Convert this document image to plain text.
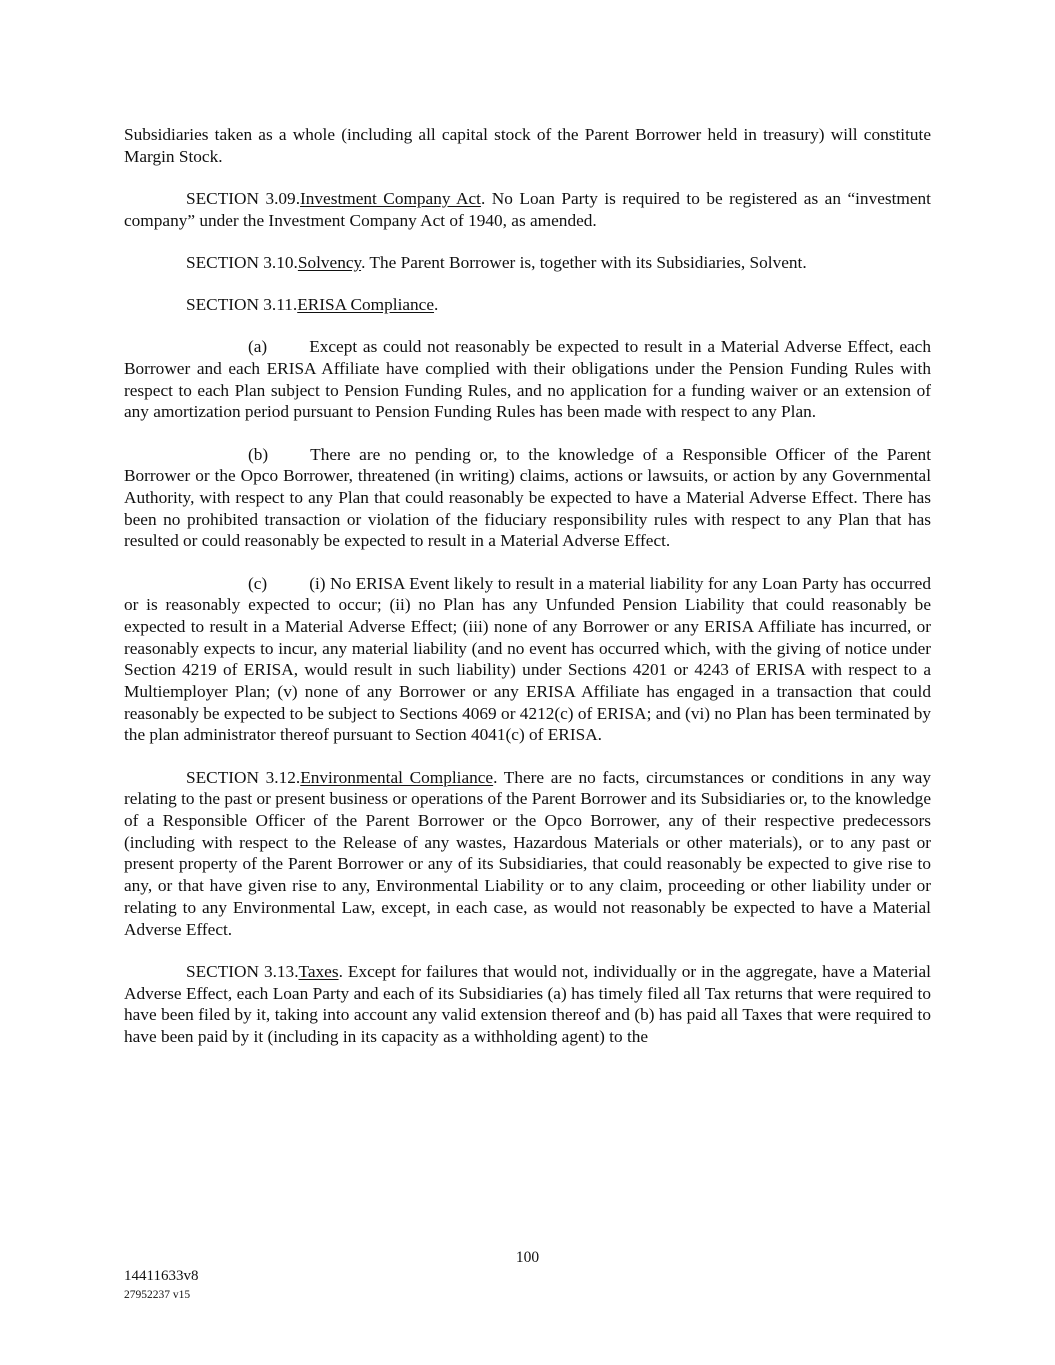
Subsidiaries taken as a whole (including all capital stock of the Parent Borrower held in treasury) will constitute Margin Stock.

SECTION 3.09.Investment Company Act. No Loan Party is required to be registered as an “investment company” under the Investment Company Act of 1940, as amended.

SECTION 3.10.Solvency. The Parent Borrower is, together with its Subsidiaries, Solvent.

SECTION 3.11.ERISA Compliance.

(a) Except as could not reasonably be expected to result in a Material Adverse Effect, each Borrower and each ERISA Affiliate have complied with their obligations under the Pension Funding Rules with respect to each Plan subject to Pension Funding Rules, and no application for a funding waiver or an extension of any amortization period pursuant to Pension Funding Rules has been made with respect to any Plan.

(b) There are no pending or, to the knowledge of a Responsible Officer of the Parent Borrower or the Opco Borrower, threatened (in writing) claims, actions or lawsuits, or action by any Governmental Authority, with respect to any Plan that could reasonably be expected to have a Material Adverse Effect. There has been no prohibited transaction or violation of the fiduciary responsibility rules with respect to any Plan that has resulted or could reasonably be expected to result in a Material Adverse Effect.

(c) (i) No ERISA Event likely to result in a material liability for any Loan Party has occurred or is reasonably expected to occur; (ii) no Plan has any Unfunded Pension Liability that could reasonably be expected to result in a Material Adverse Effect; (iii) none of any Borrower or any ERISA Affiliate has incurred, or reasonably expects to incur, any material liability (and no event has occurred which, with the giving of notice under Section 4219 of ERISA, would result in such liability) under Sections 4201 or 4243 of ERISA with respect to a Multiemployer Plan; (v) none of any Borrower or any ERISA Affiliate has engaged in a transaction that could reasonably be expected to be subject to Sections 4069 or 4212(c) of ERISA; and (vi) no Plan has been terminated by the plan administrator thereof pursuant to Section 4041(c) of ERISA.

SECTION 3.12.Environmental Compliance. There are no facts, circumstances or conditions in any way relating to the past or present business or operations of the Parent Borrower and its Subsidiaries or, to the knowledge of a Responsible Officer of the Parent Borrower or the Opco Borrower, any of their respective predecessors (including with respect to the Release of any wastes, Hazardous Materials or other materials), or to any past or present property of the Parent Borrower or any of its Subsidiaries, that could reasonably be expected to give rise to any, or that have given rise to any, Environmental Liability or to any claim, proceeding or other liability under or relating to any Environmental Law, except, in each case, as would not reasonably be expected to have a Material Adverse Effect.

SECTION 3.13.Taxes. Except for failures that would not, individually or in the aggregate, have a Material Adverse Effect, each Loan Party and each of its Subsidiaries (a) has timely filed all Tax returns that were required to have been filed by it, taking into account any valid extension thereof and (b) has paid all Taxes that were required to have been paid by it (including in its capacity as a withholding agent) to the

100
14411633v8
27952237 v15
